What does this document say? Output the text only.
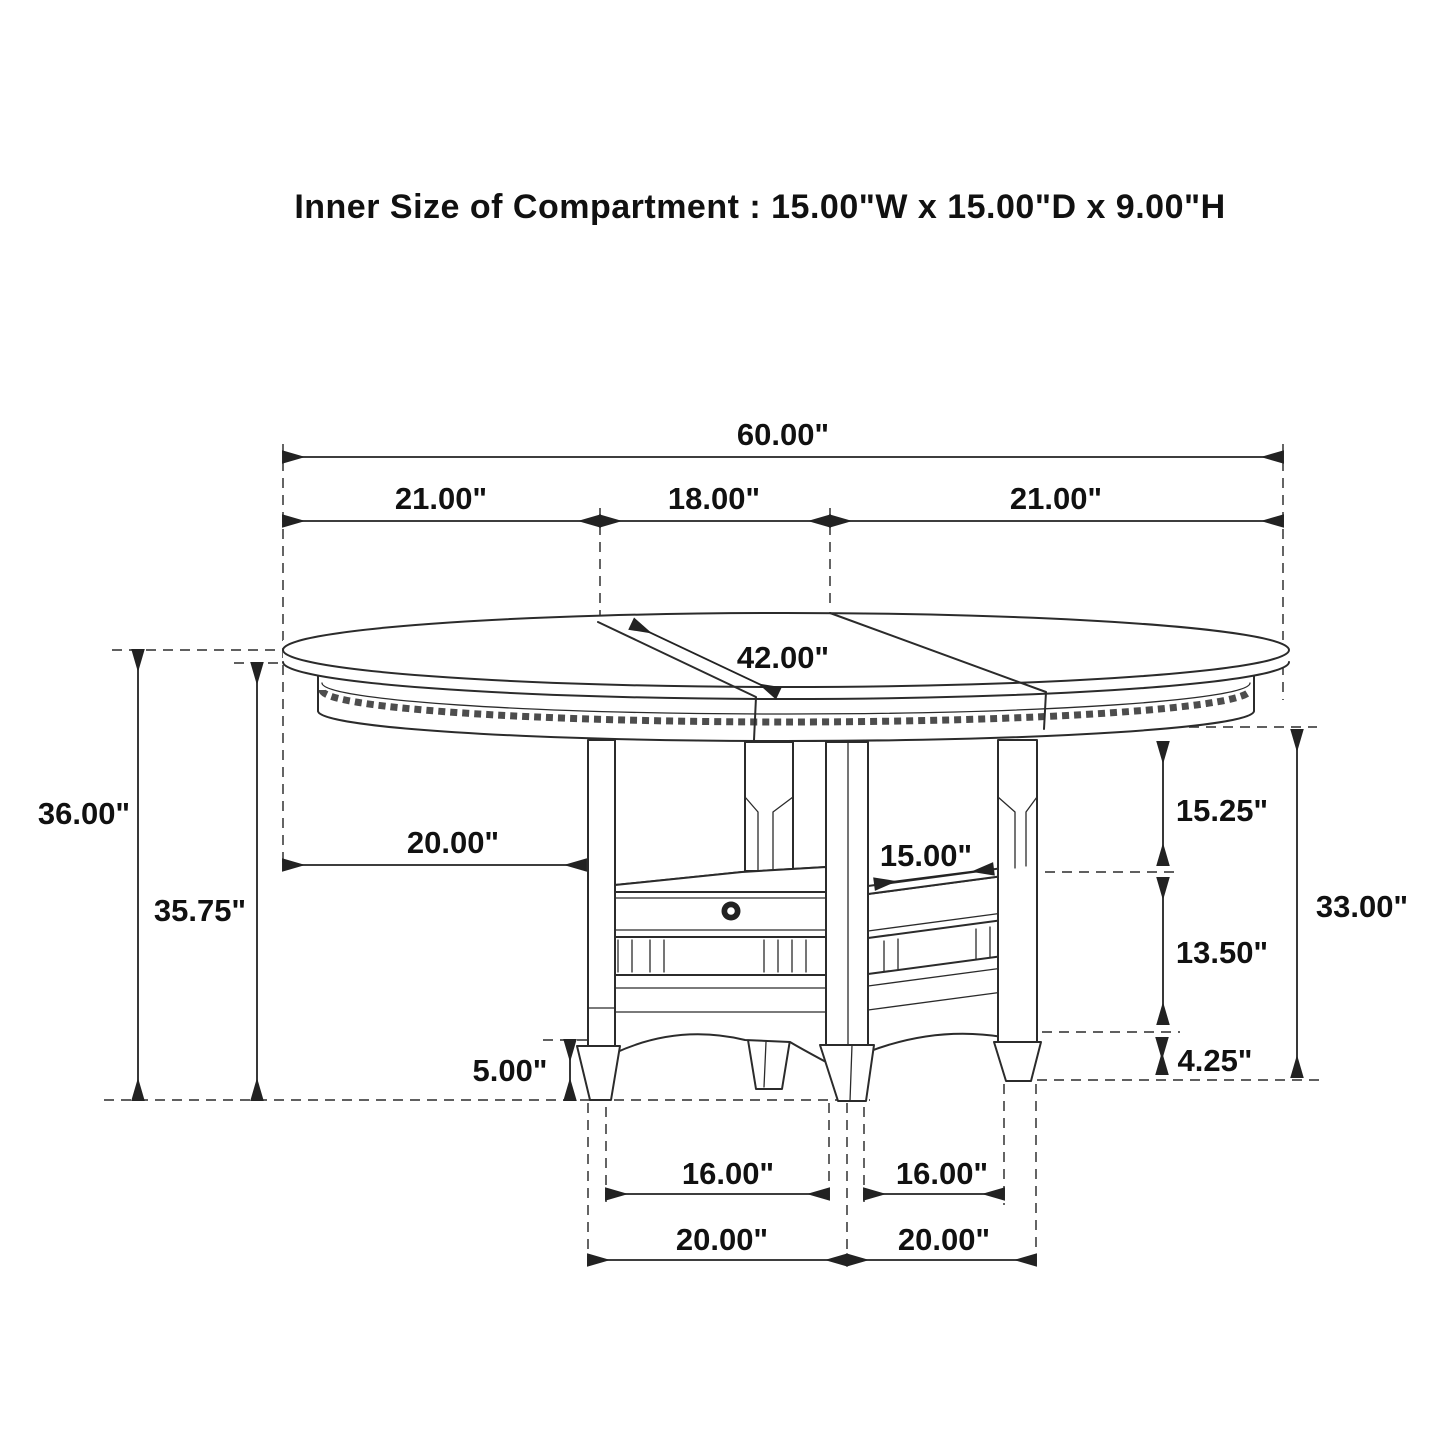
Inner Size of Compartment : 15.00"W x 15.00"D x 9.00"H
60.00"
21.00"	18.00"	21.00"
42.00"
36.00"
35.75"
20.00"	15.00"
15.25"
13.50"
4.25"
33.00"
5.00"
16.00"	16.00"
20.00"	20.00"
